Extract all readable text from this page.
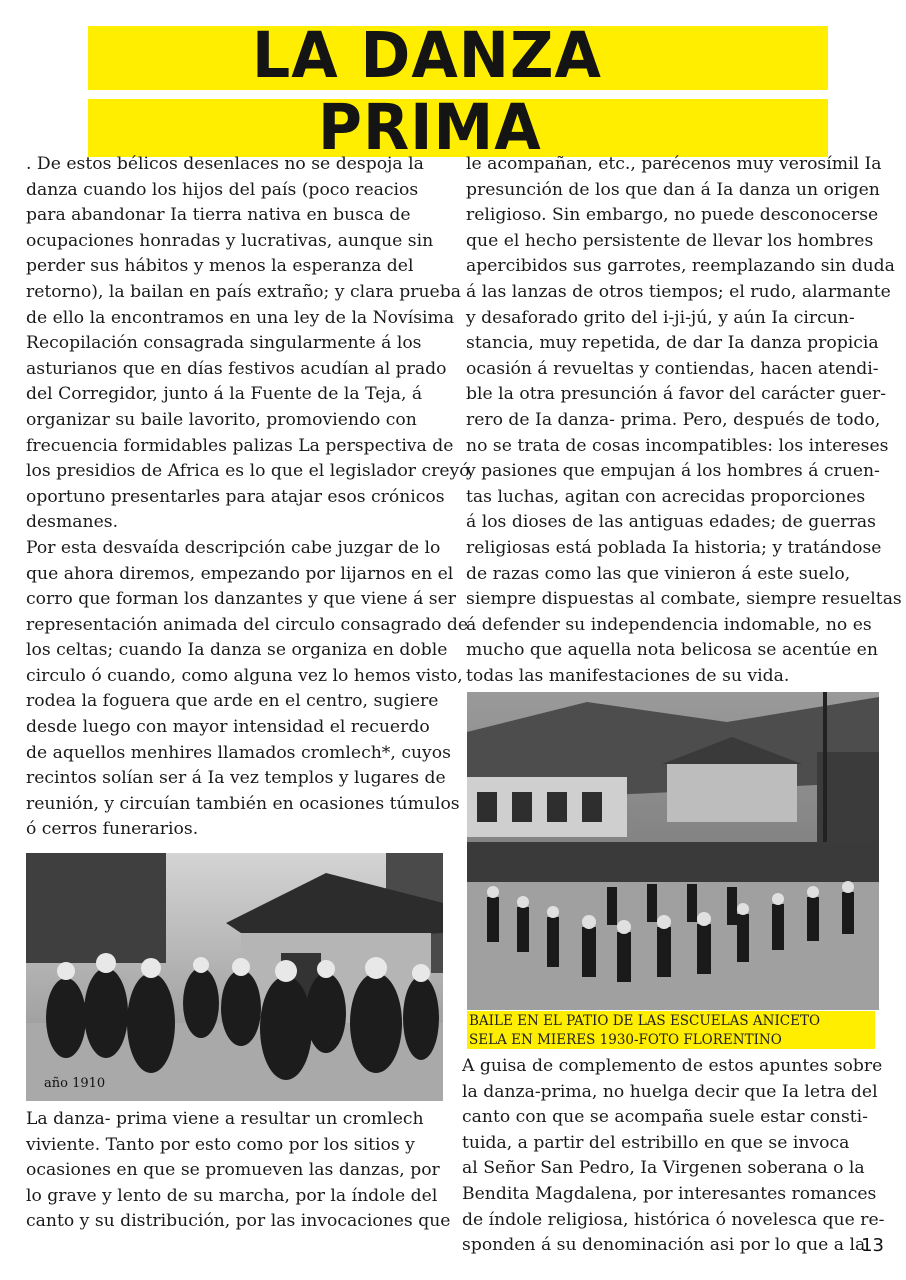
LA DANZA
PRIMA
. De estos bélicos desenlaces no se despoja la
danza cuando los hijos del país (poco reacios
para abandonar Ia tierra nativa en busca de
ocupaciones honradas y lucrativas, aunque sin
perder sus hábitos y menos la esperanza del
retorno), la bailan en país extraño; y clara prueba
de ello la encontramos en una ley de la Novísima
Recopilación consagrada singularmente á los
asturianos que en días festivos acudían al prado
del Corregidor, junto á la Fuente de la Teja, á
organizar su baile lavorito, promoviendo con
frecuencia formidables palizas La perspectiva de
los presidios de Africa es lo que el legislador creyó
oportuno presentarles para atajar esos crónicos
desmanes.
Por esta desvaída descripción cabe juzgar de lo
que ahora diremos, empezando por lijarnos en el
corro que forman los danzantes y que viene á ser
representación animada del circulo consagrado de
los celtas; cuando Ia danza se organiza en doble
circulo ó cuando, como alguna vez lo hemos visto,
rodea la foguera que arde en el centro, sugiere
desde luego con mayor intensidad el recuerdo
de aquellos menhires llamados cromlech*, cuyos
recintos solían ser á Ia vez templos y lugares de
reunión, y circuían también en ocasiones túmulos
ó cerros funerarios.
le acompañan, etc., parécenos muy verosímil Ia
presunción de los que dan á Ia danza un origen
religioso. Sin embargo, no puede desconocerse
que el hecho persistente de llevar los hombres
apercibidos sus garrotes, reemplazando sin duda
á las lanzas de otros tiempos; el rudo, alarmante
y desaforado grito del i-ji-jú, y aún Ia circun-
stancia, muy repetida, de dar Ia danza propicia
ocasión á revueltas y contiendas, hacen atendi-
ble la otra presunción á favor del carácter guer-
rero de Ia danza- prima. Pero, después de todo,
no se trata de cosas incompatibles: los intereses
y pasiones que empujan á los hombres á cruen-
tas luchas, agitan con acrecidas proporciones
á los dioses de las antiguas edades; de guerras
religiosas está poblada Ia historia; y tratándose
de razas como las que vinieron á este suelo,
siempre dispuestas al combate, siempre resueltas
á defender su independencia indomable, no es
mucho que aquella nota belicosa se acentúe en
todas las manifestaciones de su vida.
año 1910
BAILE EN EL PATIO DE LAS ESCUELAS ANICETO
SELA EN MIERES 1930-FOTO FLORENTINO
La danza- prima viene a resultar un cromlech
viviente. Tanto por esto como por los sitios y
ocasiones en que se promueven las danzas, por
lo grave y lento de su marcha, por la índole del
canto y su distribución, por las invocaciones que
A guisa de complemento de estos apuntes sobre
la danza-prima, no huelga decir que Ia letra del
canto con que se acompaña suele estar consti-
tuida, a partir del estribillo en que se invoca
al Señor San Pedro, Ia Virgenen soberana o la
Bendita Magdalena, por interesantes romances
de índole religiosa, histórica ó novelesca que re-
sponden á su denominación asi por lo que a la
13
